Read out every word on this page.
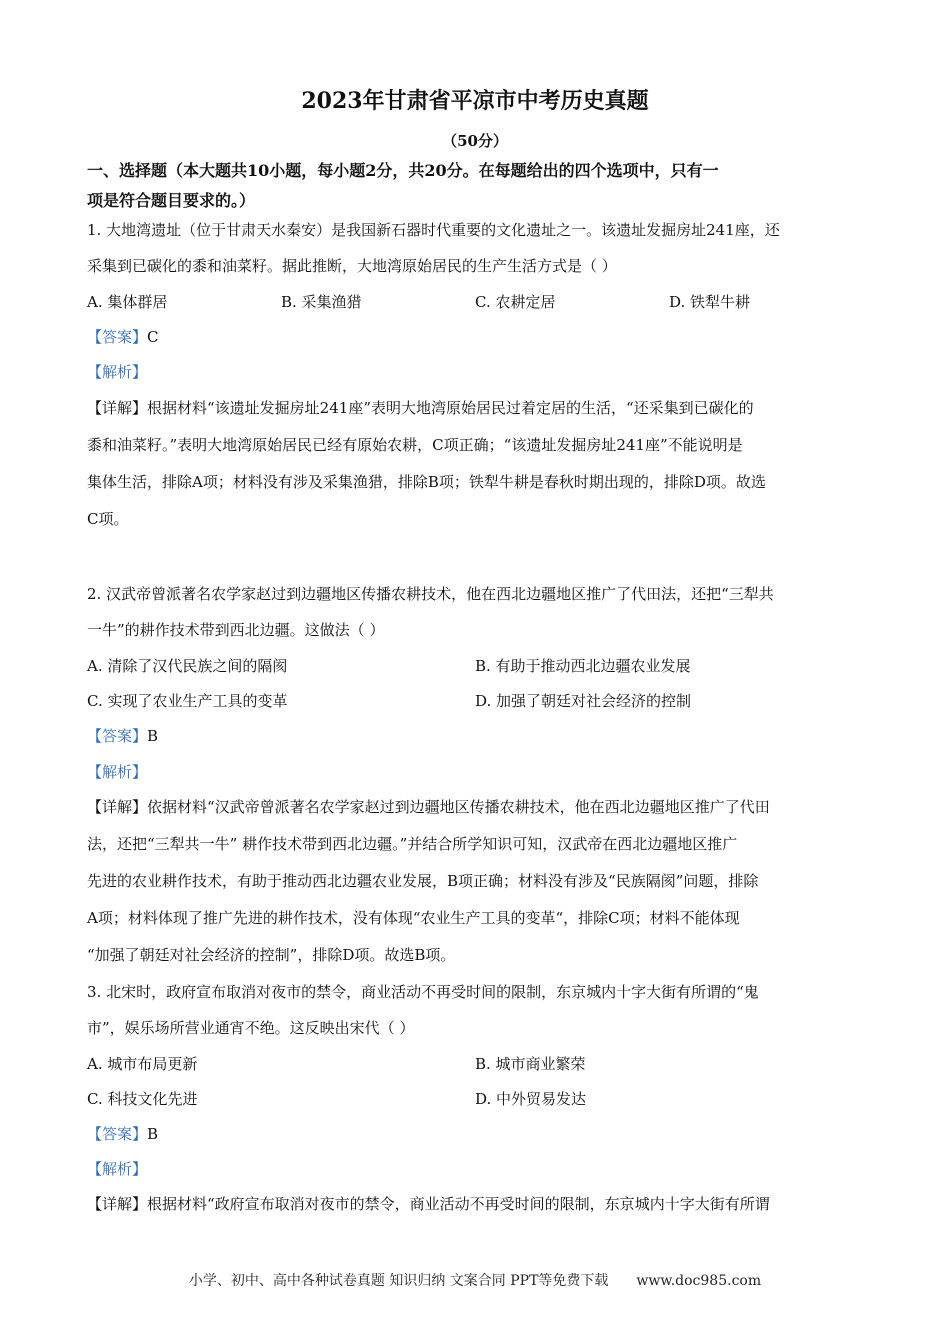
2023年甘肃省平凉市中考历史真题
（50分）
一、选择题（本大题共10小题，每小题2分，共20分。在每题给出的四个选项中，只有一
项是符合题目要求的。）
1. 大地湾遗址（位于甘肃天水秦安）是我国新石器时代重要的文化遗址之一。该遗址发掘房址241座，还
采集到已碳化的黍和油菜籽。据此推断，大地湾原始居民的生产生活方式是（ ）
A. 集体群居	B. 采集渔猎	C. 农耕定居	D. 铁犁牛耕
【答案】C
【解析】
【详解】根据材料“该遗址发掘房址241座”表明大地湾原始居民过着定居的生活，“还采集到已碳化的
黍和油菜籽。”表明大地湾原始居民已经有原始农耕，C项正确；“该遗址发掘房址241座”不能说明是
集体生活，排除A项；材料没有涉及采集渔猎，排除B项；铁犁牛耕是春秋时期出现的，排除D项。故选
C项。
2. 汉武帝曾派著名农学家赵过到边疆地区传播农耕技术，他在西北边疆地区推广了代田法，还把“三犁共
一牛”的耕作技术带到西北边疆。这做法（ ）
A. 清除了汉代民族之间的隔阂	B. 有助于推动西北边疆农业发展
C. 实现了农业生产工具的变革	D. 加强了朝廷对社会经济的控制
【答案】B
【解析】
【详解】依据材料“汉武帝曾派著名农学家赵过到边疆地区传播农耕技术，他在西北边疆地区推广了代田
法，还把“三犁共一牛” 耕作技术带到西北边疆。”并结合所学知识可知，汉武帝在西北边疆地区推广
先进的农业耕作技术，有助于推动西北边疆农业发展，B项正确；材料没有涉及“民族隔阂”问题，排除
A项；材料体现了推广先进的耕作技术，没有体现“农业生产工具的变革“，排除C项；材料不能体现
“加强了朝廷对社会经济的控制”，排除D项。故选B项。
3. 北宋时，政府宣布取消对夜市的禁令，商业活动不再受时间的限制，东京城内十字大街有所谓的“鬼
市”，娱乐场所营业通宵不绝。这反映出宋代（ ）
A. 城市布局更新	B. 城市商业繁荣
C. 科技文化先进	D. 中外贸易发达
【答案】B
【解析】
【详解】根据材料“政府宣布取消对夜市的禁令，商业活动不再受时间的限制，东京城内十字大街有所谓
小学、初中、高中各种试卷真题 知识归纳 文案合同 PPT等免费下载 www.doc985.com
